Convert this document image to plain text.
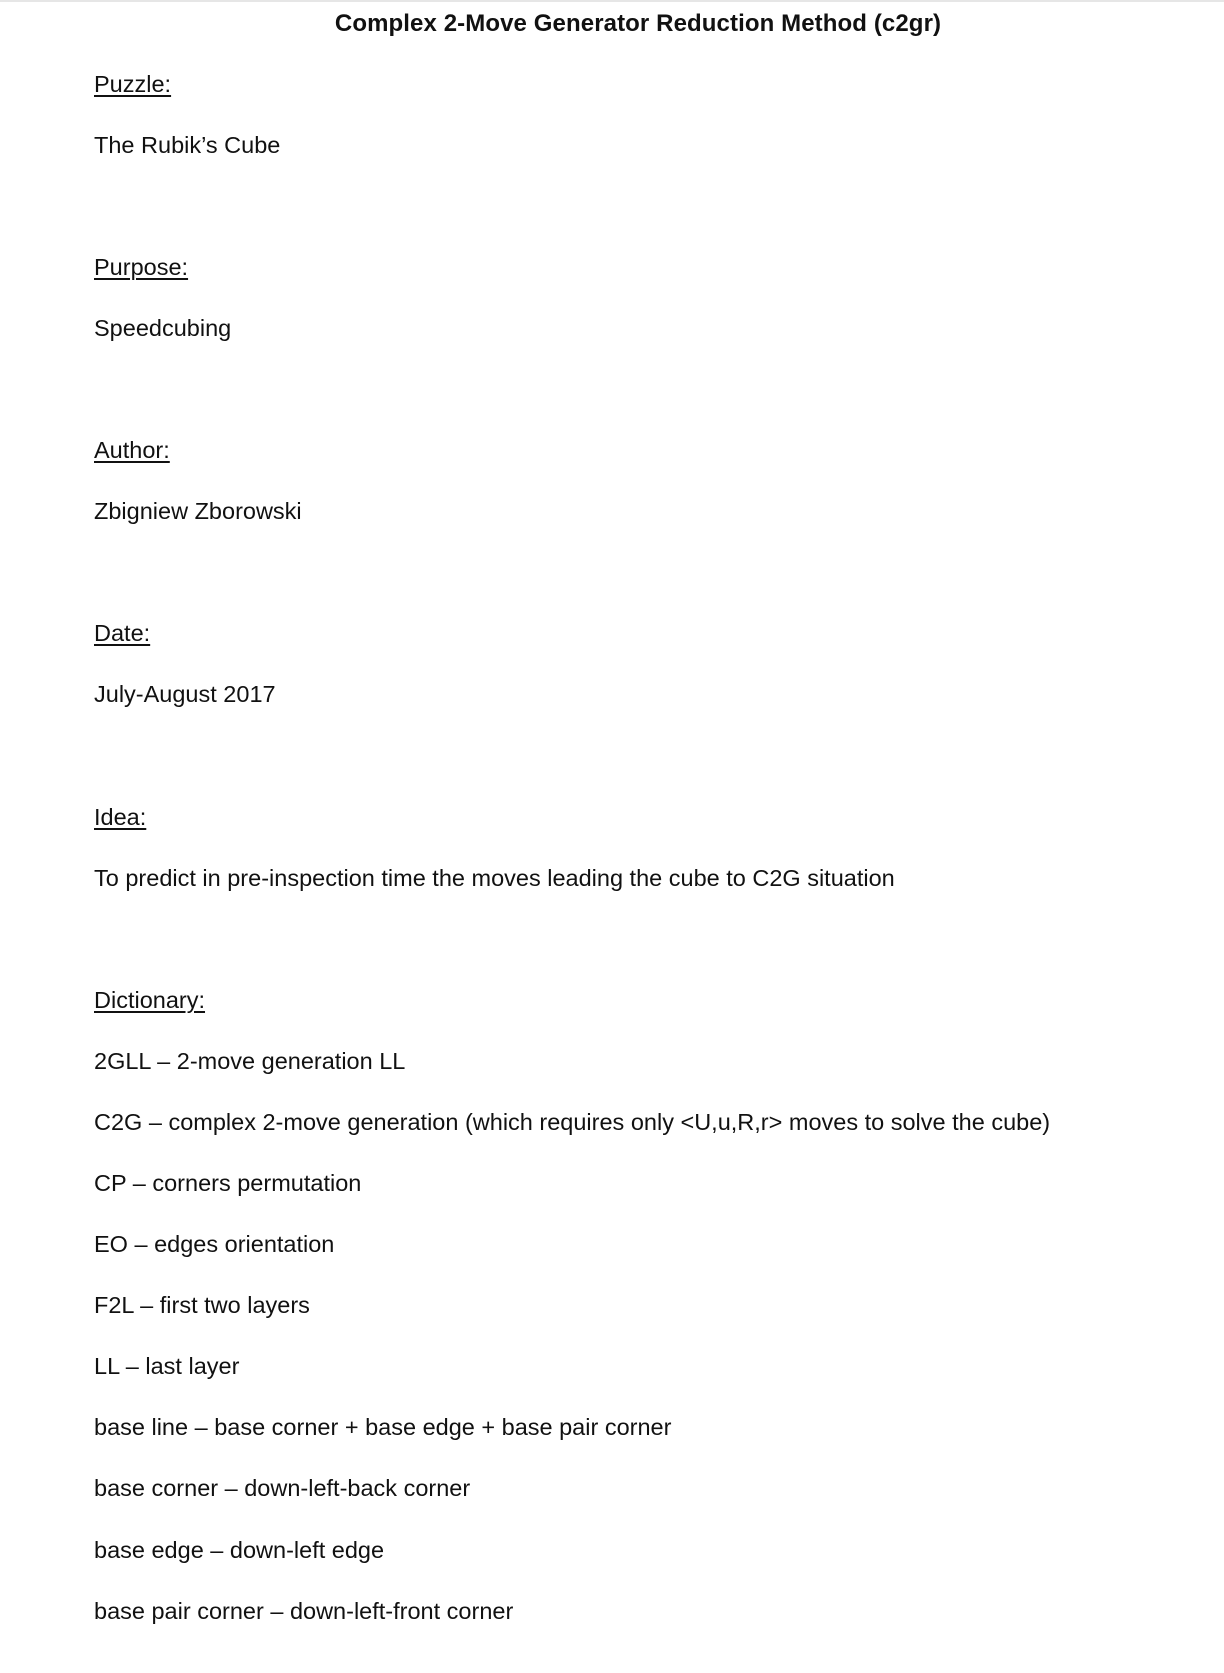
Complex 2-Move Generator Reduction Method (c2gr)
Puzzle:
The Rubik’s Cube
Purpose:
Speedcubing
Author:
Zbigniew Zborowski
Date:
July-August 2017
Idea:
To predict in pre-inspection time the moves leading the cube to C2G situation
Dictionary:
2GLL – 2-move generation LL
C2G – complex 2-move generation (which requires only <U,u,R,r> moves to solve the cube)
CP – corners permutation
EO – edges orientation
F2L – first two layers
LL – last layer
base line – base corner + base edge + base pair corner
base corner – down-left-back corner
base edge – down-left edge
base pair corner – down-left-front corner
